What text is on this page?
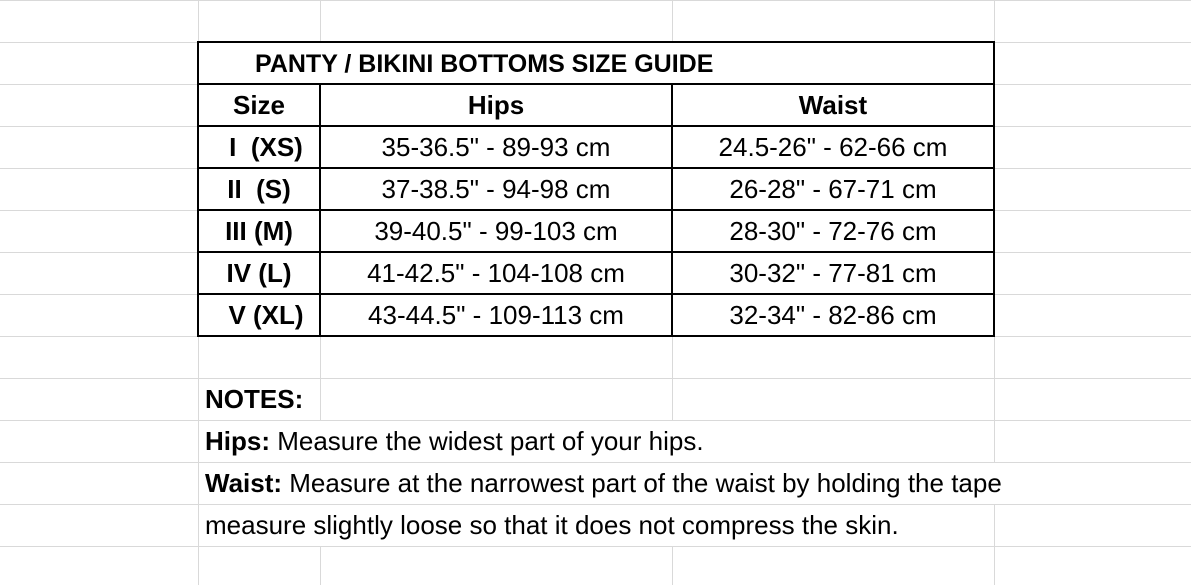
PANTY / BIKINI BOTTOMS SIZE GUIDE
Size	Hips	Waist
I  (XS)	35-36.5" - 89-93 cm	24.5-26" - 62-66 cm
II  (S)	37-38.5" - 94-98 cm	26-28" - 67-71 cm
III (M)	39-40.5" - 99-103 cm	28-30" - 72-76 cm
IV (L)	41-42.5" - 104-108 cm	30-32" - 77-81 cm
V (XL)	43-44.5" - 109-113 cm	32-34" - 82-86 cm
NOTES:
Hips: Measure the widest part of your hips.
Waist: Measure at the narrowest part of the waist by holding the tape
measure slightly loose so that it does not compress the skin.
